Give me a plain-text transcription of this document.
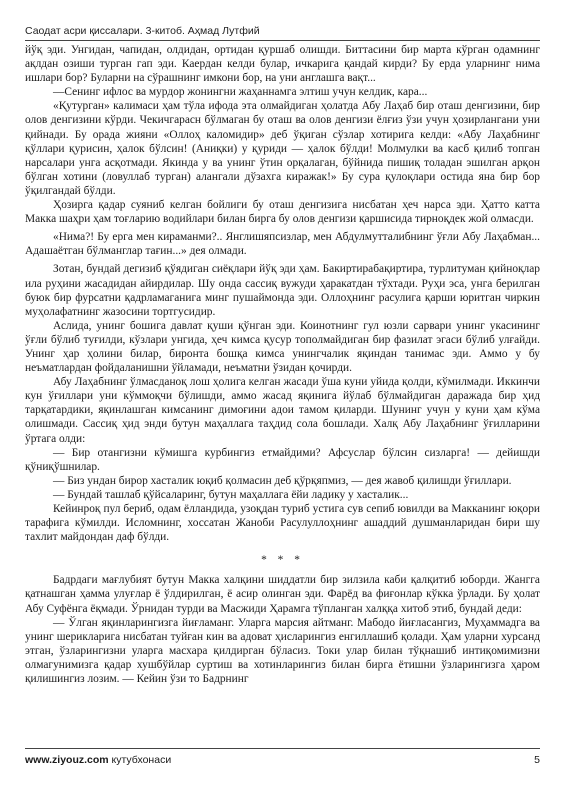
Саодат асри қиссалари. 3-китоб. Аҳмад Лутфий

йўқ эди. Унгидан, чапидан, олдидан, ортидан қуршаб олишди. Биттасини бир марта кўрган одамнинг ақлдан озиши турган гап эди. Каердан келди булар, ичкарига қандай кирди? Бу ерда уларнинг нима ишлари бор? Буларни на сўрашнинг имкони бор, на уни англашга вақт...

—Сенинг ифлос ва мурдор жонингни жаҳаннамга элтиш учун келдик, кара...

«Қутурган» калимаси ҳам тўла ифода эта олмайдиган ҳолатда Абу Лаҳаб бир оташ денгизини, бир олов денгизини кўрди. Чекичгарасн бўлмаган бу оташ ва олов денгизи ёлғиз ўзи учун ҳозирлангани уни қийнади. Бу орада жияни «Оллоҳ каломидир» деб ўқиган сўзлар хотирига келди: «Абу Лаҳабнинг қўллари қурисин, ҳалок бўлсин! (Аниқки) у қуриди — ҳалок бўлди! Молмулки ва касб қилиб топган нарсалари унга асқотмади. Якинда у ва унинг ўтин орқалаган, бўйнида пишиқ толадан эшилган арқон бўлган хотини (ловуллаб турган) алангали дўзахга киражак!» Бу сура қулоқлари остида яна бир бор ўқилгандай бўлди.

Ҳозирга қадар суяниб келган бойлиги бу оташ денгизига нисбатан ҳеч нарса эди. Ҳатто катта Макка шаҳри ҳам тоғларию водийлари билан бирга бу олов денгизи қаршисида тирноқдек жой олмасди.

«Нима?! Бу ерга мен кираманми?.. Янглишяпсизлар, мен Абдулмутталибнинг ўғли Абу Лаҳабман... Адашаётган бўлманглар тағин...» дея олмади.

Зотан, бундай дегизиб қўядиган сиёқлари йўқ эди ҳам. Бакиртирабақиртира, турлитуман қийноқлар ила руҳини жасадидан айирдилар. Шу онда сассиқ вужуди ҳаракатдан тўхтади. Руҳи эса, унга берилган буюк бир фурсатни қадрламаганига минг пушаймонда эди. Оллоҳнинг расулига қарши юритган чиркин муҳолафатнинг жазосини тортгусидир.

Аслида, унинг бошига давлат қуши қўнган эди. Коинотнинг гул юзли сарвари унинг укасининг ўғли бўлиб туғилди, кўзлари унгида, ҳеч кимса қусур тополмайдиган бир фазилат эгаси бўлиб улғайди. Унинг ҳар ҳолини билар, биронта бошқа кимса унингчалик яқиндан танимас эди. Аммо у бу неъматлардан фойдаланишни ўйламади, неъматни ўзидан қочирди.

Абу Лаҳабнинг ўлмасданоқ лош ҳолига келган жасади ўша куни уйида қолди, кўмилмади. Иккинчи кун ўғиллари уни кўммоқчи бўлишди, аммо жасад яқинига йўлаб бўлмайдиган даражада бир ҳид тарқатардики, яқинлашган кимсанинг димоғини адои тамом қиларди. Шунинг учун у куни ҳам кўма олишмади. Сассиқ ҳид энди бутун маҳаллага таҳдид сола бошлади. Халқ Абу Лаҳабнинг ўғилларини ўртага олди:

— Бир отангизни кўмишга курбингиз етмайдими? Афсуслар бўлсин сизларга! — дейишди қўниқўшнилар.

— Биз ундан бирор хасталик юқиб қолмасин деб қўрқяпмиз, — дея жавоб қилишди ўғиллари.

— Бундай ташлаб қўйсаларинг, бутун маҳаллага ёйи ладику у хасталик...

Кейинроқ пул бериб, одам ёлландида, узоқдан туриб устига сув сепиб ювилди ва Макканинг юқори тарафига кўмилди. Исломнинг, хоссатан Жаноби Расулуллоҳнинг ашаддий душманларидан бири шу тахлит майдондан даф бўлди.

* * *

Бадрдаги мағлубият бутун Макка халқини шиддатли бир зилзила каби қалқитиб юборди. Жангга қатнашган ҳамма улуғлар ё ўлдирилган, ё асир олинган эди. Фарёд ва фиғонлар кўкка ўрлади. Бу ҳолат Абу Суфёнга ёқмади. Ўрнидан турди ва Масжиди Ҳарамга тўпланган халққа хитоб этиб, бундай деди:

— Ўлган яқинларингизга йиғламанг. Уларга марсия айтманг. Мабодо йиғласангиз, Муҳаммадга ва унинг шерикларига нисбатан туйған кин ва адоват ҳисларингиз енгиллашиб қолади. Ҳам уларни хурсанд этган, ўзларингизни уларга масхара қилдирган бўласиз. Токи улар билан тўқнашиб интиқомимизни олмагунимизга қадар хушбўйлар суртиш ва хотинларингиз билан бирга ётишни ўзларингизга ҳаром қилишингиз лозим. — Кейин ўзи то Бадрнинг

www.ziyouz.com кутубхонаси	5
